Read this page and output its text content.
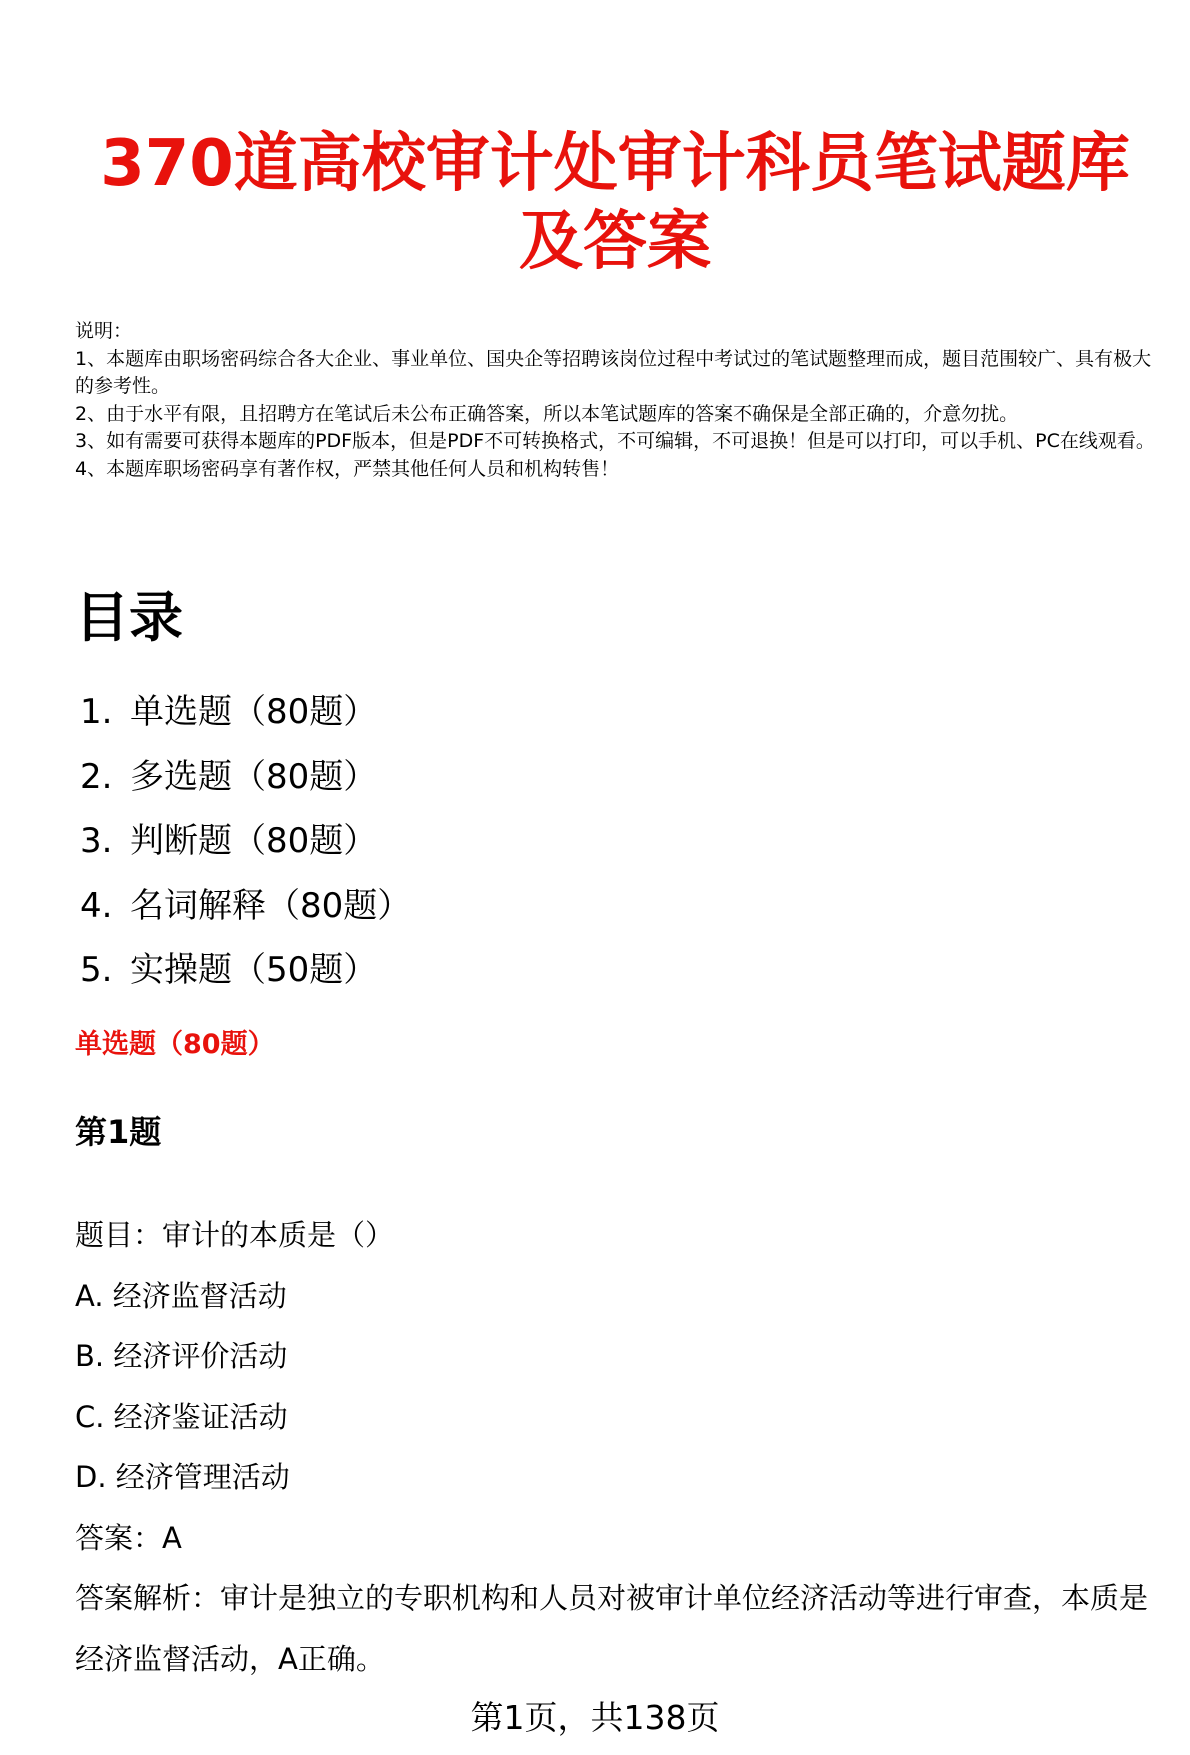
370道高校审计处审计科员笔试题库
及答案

说明：

1、本题库由职场密码综合各大企业、事业单位、国央企等招聘该岗位过程中考试过的笔试题整理而成，题目范围较广、具有极大的参考性。

2、由于水平有限，且招聘方在笔试后未公布正确答案，所以本笔试题库的答案不确保是全部正确的，介意勿扰。

3、如有需要可获得本题库的PDF版本，但是PDF不可转换格式，不可编辑，不可退换！但是可以打印，可以手机、PC在线观看。

4、本题库职场密码享有著作权，严禁其他任何人员和机构转售！

目录
1. 单选题（80题）
2. 多选题（80题）
3. 判断题（80题）
4. 名词解释（80题）
5. 实操题（50题）
单选题（80题）
第1题

题目：审计的本质是（）

A. 经济监督活动

B. 经济评价活动

C. 经济鉴证活动

D. 经济管理活动

答案：A

答案解析：审计是独立的专职机构和人员对被审计单位经济活动等进行审查，本质是经济监督活动，A正确。

第1页，共138页
